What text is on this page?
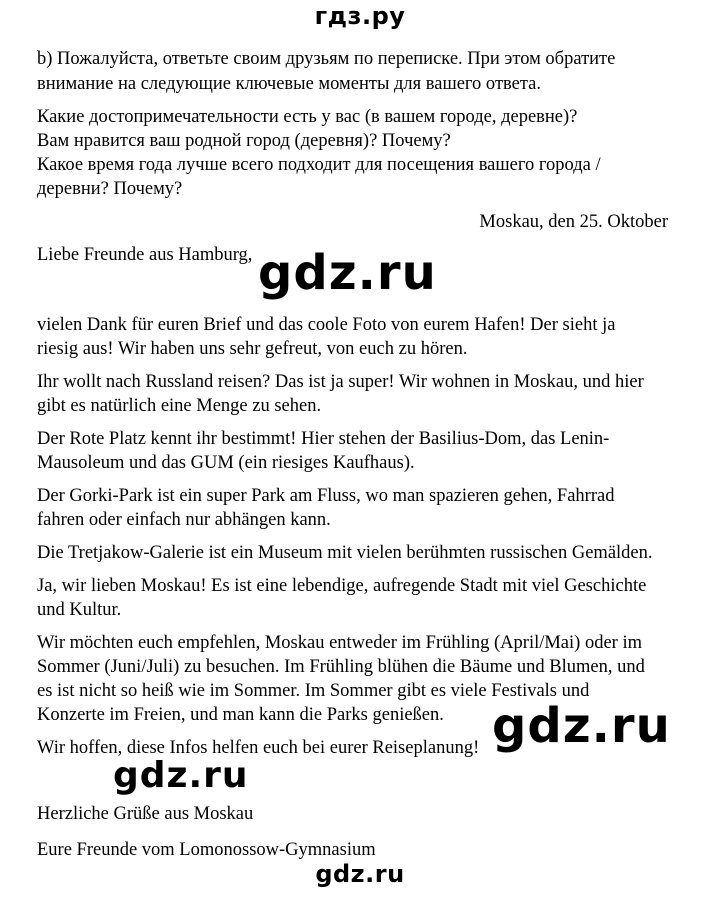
гдз.ру

b) Пожалуйста, ответьте своим друзьям по переписке. При этом обратите

внимание на следующие ключевые моменты для вашего ответа.

Какие достопримечательности есть у вас (в вашем городе, деревне)?

Вам нравится ваш родной город (деревня)? Почему?

Какое время года лучше всего подходит для посещения вашего города /

деревни? Почему?

Moskau, den 25. Oktober

Liebe Freunde aus Hamburg, gdz.ru

vielen Dank für euren Brief und das coole Foto von eurem Hafen! Der sieht ja

riesig aus! Wir haben uns sehr gefreut, von euch zu hören.

Ihr wollt nach Russland reisen? Das ist ja super! Wir wohnen in Moskau, und hier

gibt es natürlich eine Menge zu sehen.

Der Rote Platz kennt ihr bestimmt! Hier stehen der Basilius-Dom, das Lenin-

Mausoleum und das GUM (ein riesiges Kaufhaus).

Der Gorki-Park ist ein super Park am Fluss, wo man spazieren gehen, Fahrrad

fahren oder einfach nur abhängen kann.

Die Tretjakow-Galerie ist ein Museum mit vielen berühmten russischen Gemälden.

Ja, wir lieben Moskau! Es ist eine lebendige, aufregende Stadt mit viel Geschichte

und Kultur.

Wir möchten euch empfehlen, Moskau entweder im Frühling (April/Mai) oder im

Sommer (Juni/Juli) zu besuchen. Im Frühling blühen die Bäume und Blumen, und

es ist nicht so heiß wie im Sommer. Im Sommer gibt es viele Festivals und

Konzerte im Freien, und man kann die Parks genießen.	gdz.ru

Wir hoffen, diese Infos helfen euch bei eurer Reiseplanung!

gdz.ru

Herzliche Grüße aus Moskau

Eure Freunde vom Lomonossow-Gymnasium

gdz.ru
